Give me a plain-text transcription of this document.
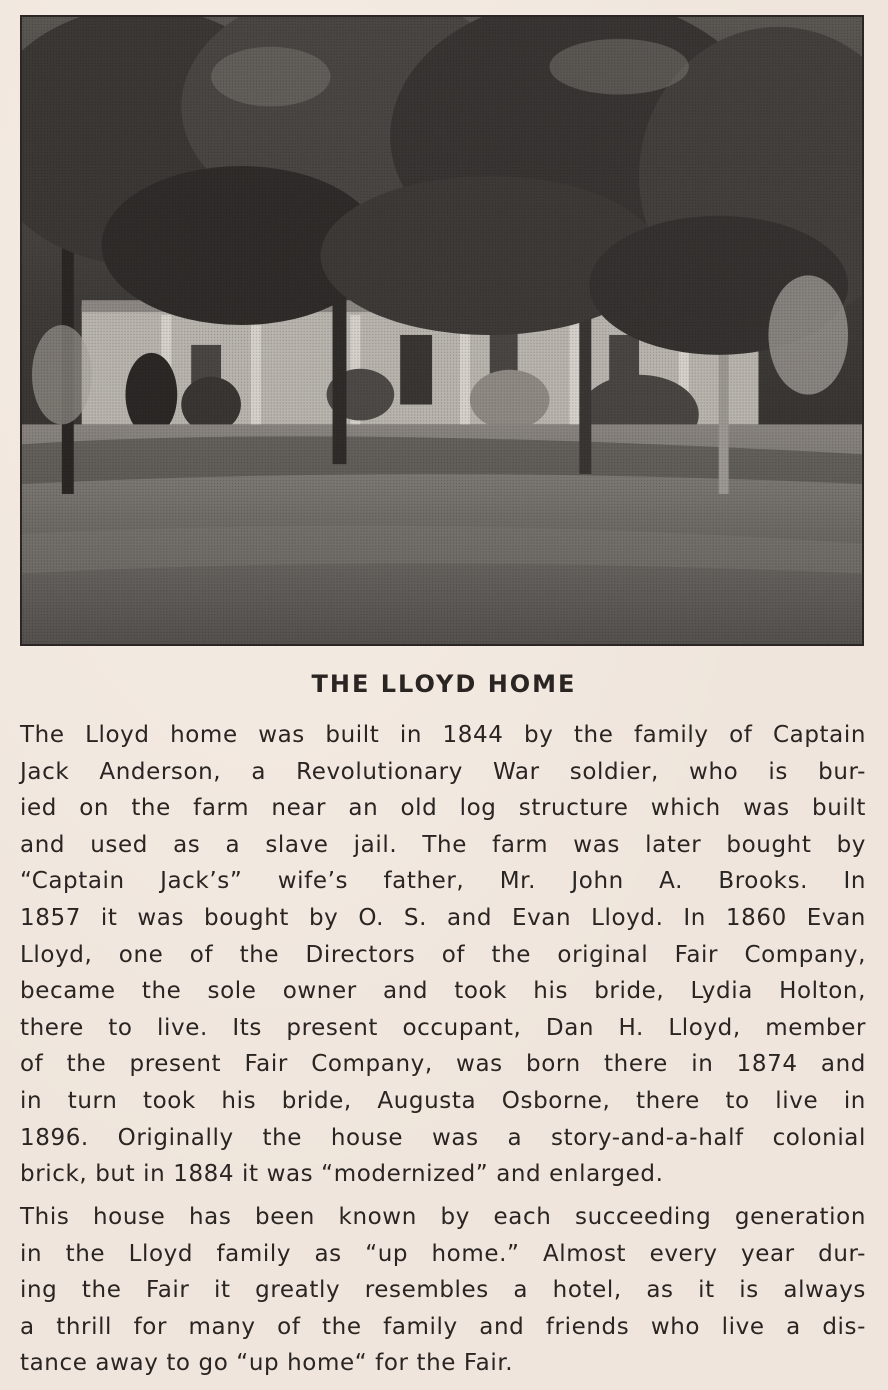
THE LLOYD HOME
The Lloyd home was built in 1844 by the family of Captain
Jack Anderson, a Revolutionary War soldier, who is bur-
ied on the farm near an old log structure which was built
and used as a slave jail. The farm was later bought by
“Captain Jack’s” wife’s father, Mr. John A. Brooks. In
1857 it was bought by O. S. and Evan Lloyd. In 1860 Evan
Lloyd, one of the Directors of the original Fair Company,
became the sole owner and took his bride, Lydia Holton,
there to live. Its present occupant, Dan H. Lloyd, member
of the present Fair Company, was born there in 1874 and
in turn took his bride, Augusta Osborne, there to live in
1896. Originally the house was a story-and-a-half colonial
brick, but in 1884 it was “modernized” and enlarged.
This house has been known by each succeeding generation
in the Lloyd family as “up home.” Almost every year dur-
ing the Fair it greatly resembles a hotel, as it is always
a thrill for many of the family and friends who live a dis-
tance away to go “up home“ for the Fair.
